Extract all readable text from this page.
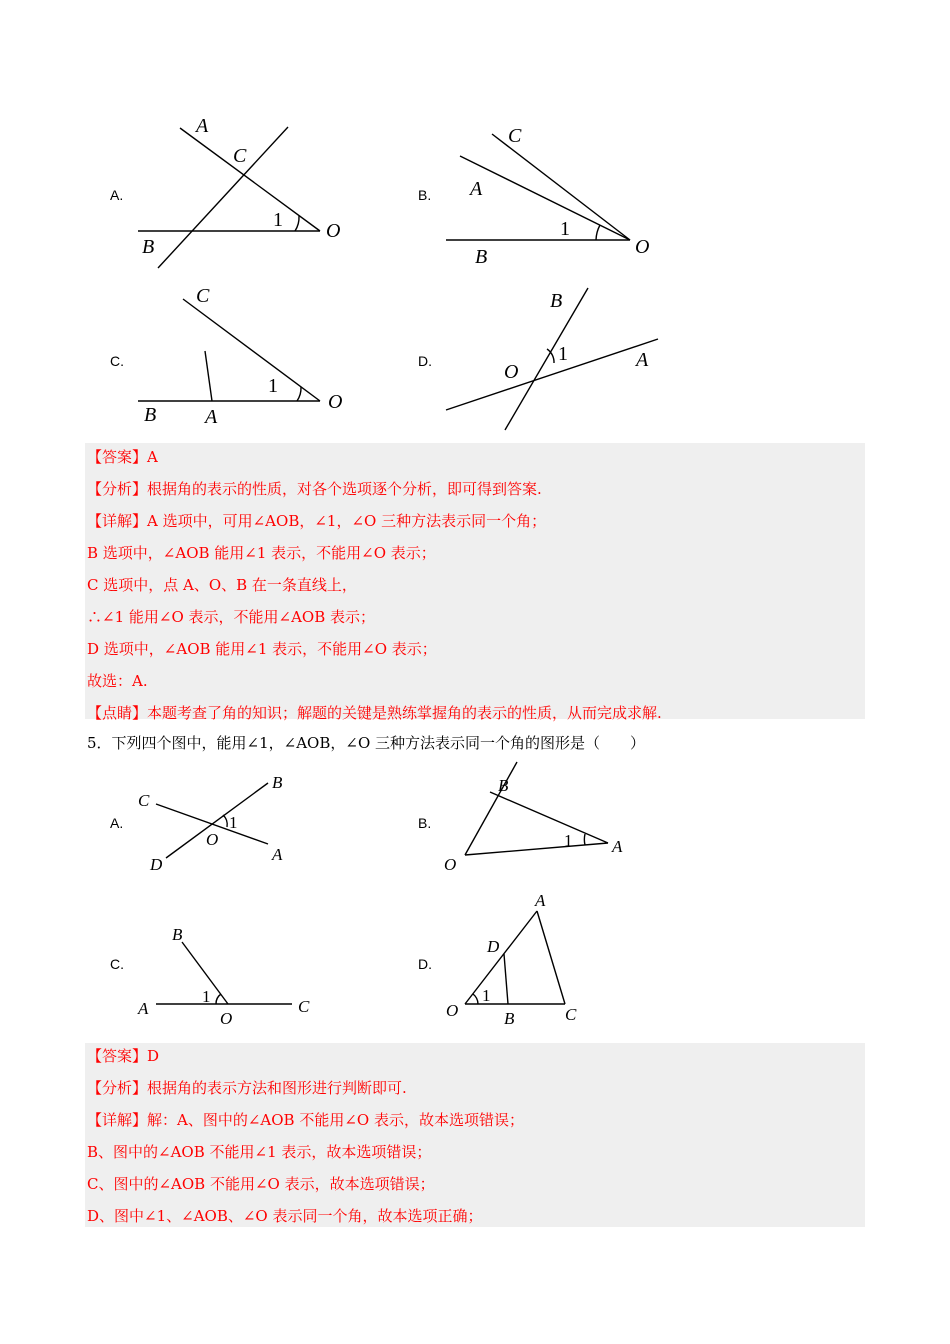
A.
A
C
1 O
B
B.
C
A
1
O
B
C.
C
1
O
B A
D.
B
1
O
A
【答案】A
【分析】根据角的表示的性质，对各个选项逐个分析，即可得到答案.
【详解】A 选项中，可用∠AOB，∠1，∠O 三种方法表示同一个角；
B 选项中，∠AOB 能用∠1 表示，不能用∠O 表示；
C 选项中，点 A、O、B 在一条直线上，
∴∠1 能用∠O 表示，不能用∠AOB 表示；
D 选项中，∠AOB 能用∠1 表示，不能用∠O 表示；
故选：A.
【点睛】本题考查了角的知识；解题的关键是熟练掌握角的表示的性质，从而完成求解.
5．下列四个图中，能用∠1，∠AOB，∠O 三种方法表示同一个角的图形是（　　）
A.
C
B
1
O
D
A
B.
B
1 A
O
C.
B
1
A
O
C
D.
A
D
1
O	B	C
【答案】D
【分析】根据角的表示方法和图形进行判断即可.
【详解】解：A、图中的∠AOB 不能用∠O 表示，故本选项错误；
B、图中的∠AOB 不能用∠1 表示，故本选项错误；
C、图中的∠AOB 不能用∠O 表示，故本选项错误；
D、图中∠1、∠AOB、∠O 表示同一个角，故本选项正确；
